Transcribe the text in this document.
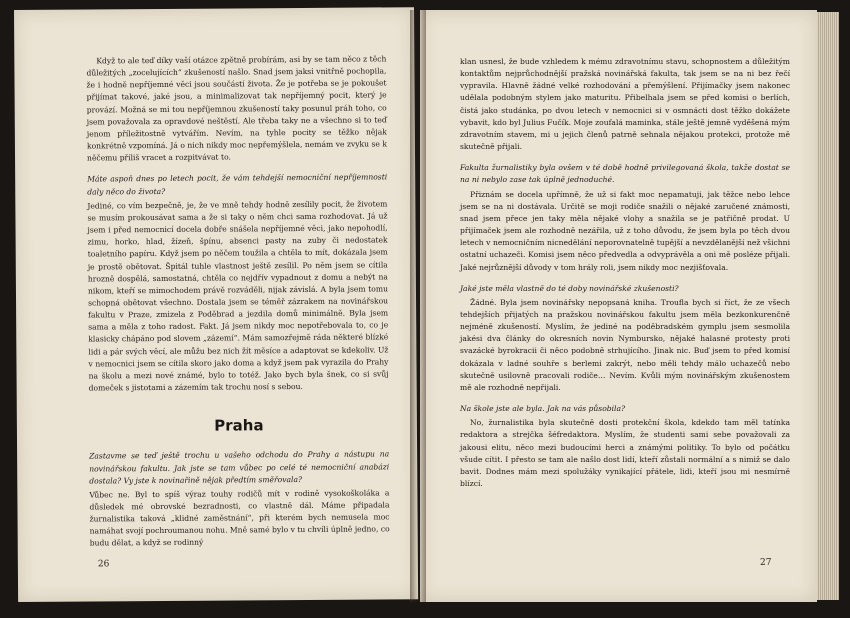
Když to ale teď díky vaší otázce zpětně probírám, asi by se tam něco z těch důležitých „zocelujících“ zkušeností našlo. Snad jsem jaksi vnitřně pochopila, že i hodně nepříjemné věci jsou součástí života. Že je potřeba se je pokoušet přijímat takové, jaké jsou, a minimalizovat tak nepříjemný pocit, který je provází. Možná se mi tou nepříjemnou zkušeností taky posunul práh toho, co jsem považovala za opravdové neštěstí. Ale třeba taky ne a všechno si to teď jenom příležitostně vytvářím. Nevím, na tyhle pocity se těžko nějak konkrétně vzpomíná. Já o nich nikdy moc nepřemýšlela, nemám ve zvyku se k něčemu příliš vracet a rozpitvávat to.

Máte aspoň dnes po letech pocit, že vám tehdejší nemocniční nepříjemnosti daly něco do života?

Jediné, co vím bezpečně, je, že ve mně tehdy hodně zesílily pocit, že životem se musím prokousávat sama a že si taky o něm chci sama rozhodovat. Já už jsem i před nemocnicí docela dobře snášela nepříjemné věci, jako nepohodlí, zimu, horko, hlad, žízeň, špínu, absenci pasty na zuby či nedostatek toaletního papíru. Když jsem po něčem toužila a chtěla to mít, dokázala jsem je prostě obětovat. Špitál tuhle vlastnost ještě zesílil. Po něm jsem se cítila hrozně dospělá, samostatná, chtěla co nejdřív vypadnout z domu a nebýt na nikom, kteří se mimochodem právě rozváděli, nijak závislá. A byla jsem tomu schopná obětovat všechno. Dostala jsem se téměř zázrakem na novinářskou fakultu v Praze, zmizela z Poděbrad a jezdila domů minimálně. Byla jsem sama a měla z toho radost. Fakt. Já jsem nikdy moc nepotřebovala to, co je klasicky chápáno pod slovem „zázemí“. Mám samozřejmě ráda některé blízké lidi a pár svých věcí, ale můžu bez nich žít měsíce a adaptovat se kdekoliv. Už v nemocnici jsem se cítila skoro jako doma a když jsem pak vyrazila do Prahy na školu a mezi nové známé, bylo to totéž. Jako bych byla šnek, co si svůj domeček s jistotami a zázemím tak trochu nosí s sebou.

Praha

Zastavme se teď ještě trochu u vašeho odchodu do Prahy a nástupu na novinářskou fakultu. Jak jste se tam vůbec po celé té nemocniční anabázi dostala? Vy jste k novinařině nějak předtím směřovala?

Vůbec ne. Byl to spíš výraz touhy rodičů mít v rodině vysokoškoláka a důsledek mé obrovské bezradnosti, co vlastně dál. Máme připadala žurnalistika taková „klidné zaměstnání“, při kterém bych nemusela moc namáhat svojí pochroumanou nohu. Mně samé bylo v tu chvíli úplně jedno, co budu dělat, a když se rodinný

26

klan usnesl, že bude vzhledem k mému zdravotnímu stavu, schopnostem a důležitým kontaktům nejprůchodnější pražská novinářská fakulta, tak jsem se na ni bez řečí vypravila. Hlavně žádné velké rozhodování a přemýšlení. Přijímačky jsem nakonec udělala podobným stylem jako maturitu. Přibelhala jsem se před komisi o berlích, čistá jako studánka, po dvou letech v nemocnici si v osmnácti dost těžko dokážete vybavit, kdo byl Julius Fučík. Moje zoufalá maminka, stále ještě jemně vyděšená mým zdravotním stavem, mi u jejich členů patrně sehnala nějakou protekci, protože mě skutečně přijali.

Fakulta žurnalistiky byla ovšem v té době hodně privilegovaná škola, takže dostat se na ni nebylo zase tak úplně jednoduché.

Přiznám se docela upřímně, že už si fakt moc nepamatuji, jak těžce nebo lehce jsem se na ni dostávala. Určitě se moji rodiče snažili o nějaké zaručené známosti, snad jsem přece jen taky měla nějaké vlohy a snažila se je patřičně prodat. U přijímaček jsem ale rozhodně nezářila, už z toho důvodu, že jsem byla po těch dvou letech v nemocničním nicnedělání neporovnatelně tupější a nevzdělanější než všichni ostatní uchazeči. Komisi jsem něco předvedla a odvyprávěla a oni mě posléze přijali. Jaké nejrůznější důvody v tom hrály roli, jsem nikdy moc nezjišťovala.

Jaké jste měla vlastně do té doby novinářské zkušenosti?

Žádné. Byla jsem novinářsky nepopsaná kniha. Troufla bych si říct, že ze všech tehdejších přijatých na pražskou novinářskou fakultu jsem měla bezkonkurenčně nejméně zkušeností. Myslím, že jediné na poděbradském gymplu jsem sesmolila jakési dva články do okresních novin Nymbursko, nějaké halasné protesty proti svazácké byrokracii či něco podobně strhujícího. Jinak nic. Buď jsem to před komisí dokázala v ladné souhře s berlemi zakrýt, nebo měli tehdy málo uchazečů nebo skutečně usilovně pracovali rodiče… Nevím. Kvůli mým novinářským zkušenostem mě ale rozhodně nepřijali.

Na škole jste ale byla. Jak na vás působila?

No, žurnalistika byla skutečně dosti protekční škola, kdekdo tam měl tatínka redaktora a strejčka šéfredaktora. Myslím, že studenti sami sebe považovali za jakousi elitu, něco mezi budoucími herci a známými politiky. To bylo od počátku všude cítit. I přesto se tam ale našlo dost lidí, kteří zůstali normální a s nimiž se dalo bavit. Dodnes mám mezi spolužáky vynikající přátele, lidi, kteří jsou mi nesmírně blízcí.

27
